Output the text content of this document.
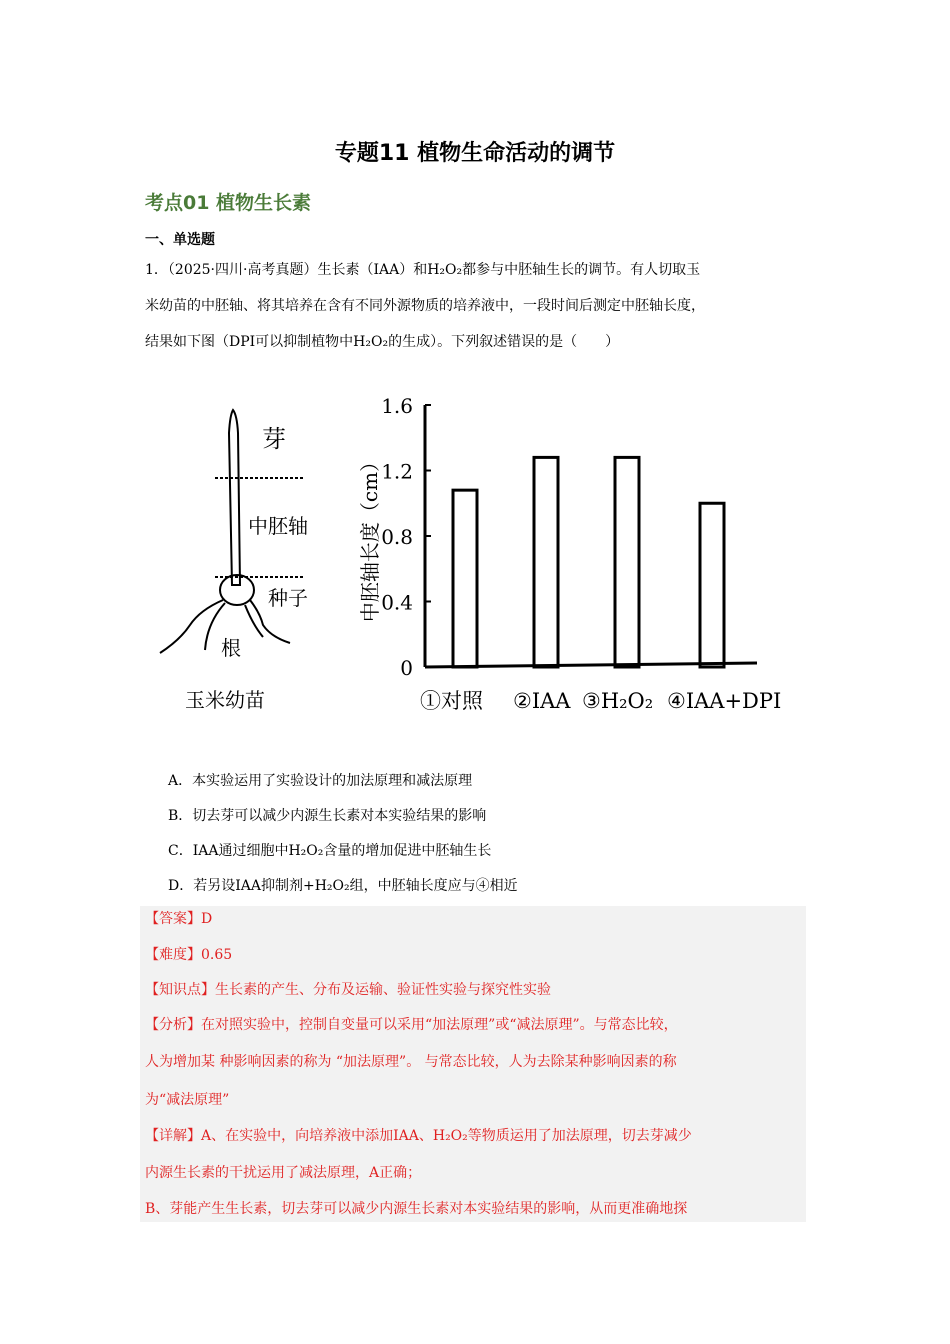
专题11 植物生命活动的调节
考点01 植物生长素
一、单选题
1．（2025·四川·高考真题）生长素（IAA）和H₂O₂都参与中胚轴生长的调节。有人切取玉
米幼苗的中胚轴、将其培养在含有不同外源物质的培养液中，一段时间后测定中胚轴长度，
结果如下图（DPI可以抑制植物中H₂O₂的生成）。下列叙述错误的是（　　）
芽
中胚轴
种子
根
玉米幼苗
0
0.4
0.8
1.2
1.6
中胚轴长度（cm）
①对照 ②IAA ③H₂O₂ ④IAA+DPI
A．本实验运用了实验设计的加法原理和减法原理
B．切去芽可以减少内源生长素对本实验结果的影响
C．IAA通过细胞中H₂O₂含量的增加促进中胚轴生长
D．若另设IAA抑制剂+H₂O₂组，中胚轴长度应与④相近
【答案】D
【难度】0.65
【知识点】生长素的产生、分布及运输、验证性实验与探究性实验
【分析】在对照实验中，控制自变量可以采用“加法原理”或“减法原理”。与常态比较，
人为增加某 种影响因素的称为 “加法原理”。 与常态比较，人为去除某种影响因素的称
为“减法原理”
【详解】A、在实验中，向培养液中添加IAA、H₂O₂等物质运用了加法原理，切去芽减少
内源生长素的干扰运用了减法原理，A正确；
B、芽能产生生长素，切去芽可以减少内源生长素对本实验结果的影响，从而更准确地探
